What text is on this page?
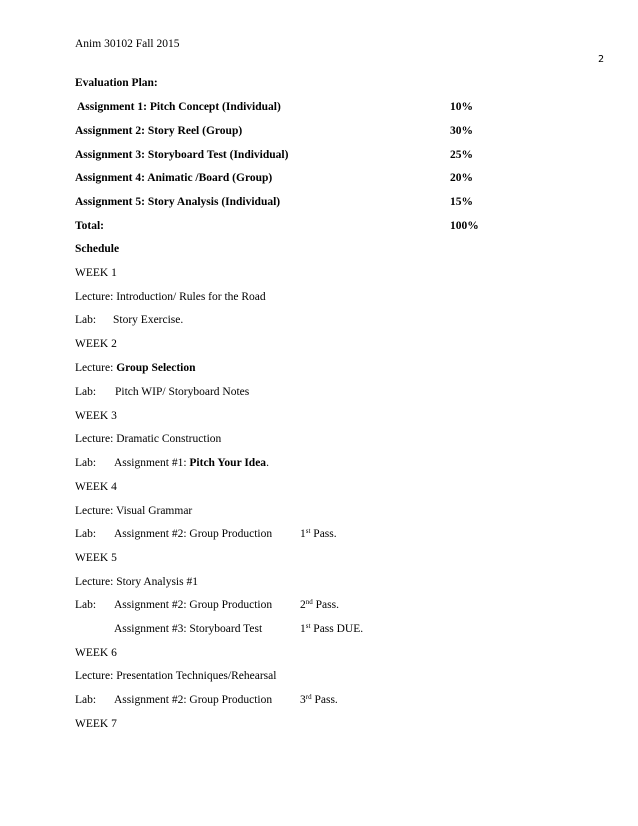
Anim 30102 Fall 2015
2
Evaluation Plan:
Assignment 1: Pitch Concept (Individual)	10%
Assignment 2: Story Reel (Group)	30%
Assignment 3: Storyboard Test (Individual)	25%
Assignment 4: Animatic /Board (Group)	20%
Assignment 5: Story Analysis (Individual)	15%
Total:	100%
Schedule
WEEK 1
Lecture: Introduction/ Rules for the Road
Lab: Story Exercise.
WEEK 2
Lecture: Group Selection
Lab: Pitch WIP/ Storyboard Notes
WEEK 3
Lecture: Dramatic Construction
Lab: Assignment #1: Pitch Your Idea.
WEEK 4
Lecture: Visual Grammar
Lab: Assignment #2: Group Production 1st Pass.
WEEK 5
Lecture: Story Analysis #1
Lab: Assignment #2: Group Production 2nd Pass.
Assignment #3: Storyboard Test	1st Pass DUE.
WEEK 6
Lecture: Presentation Techniques/Rehearsal
Lab: Assignment #2: Group Production 3rd Pass.
WEEK 7
